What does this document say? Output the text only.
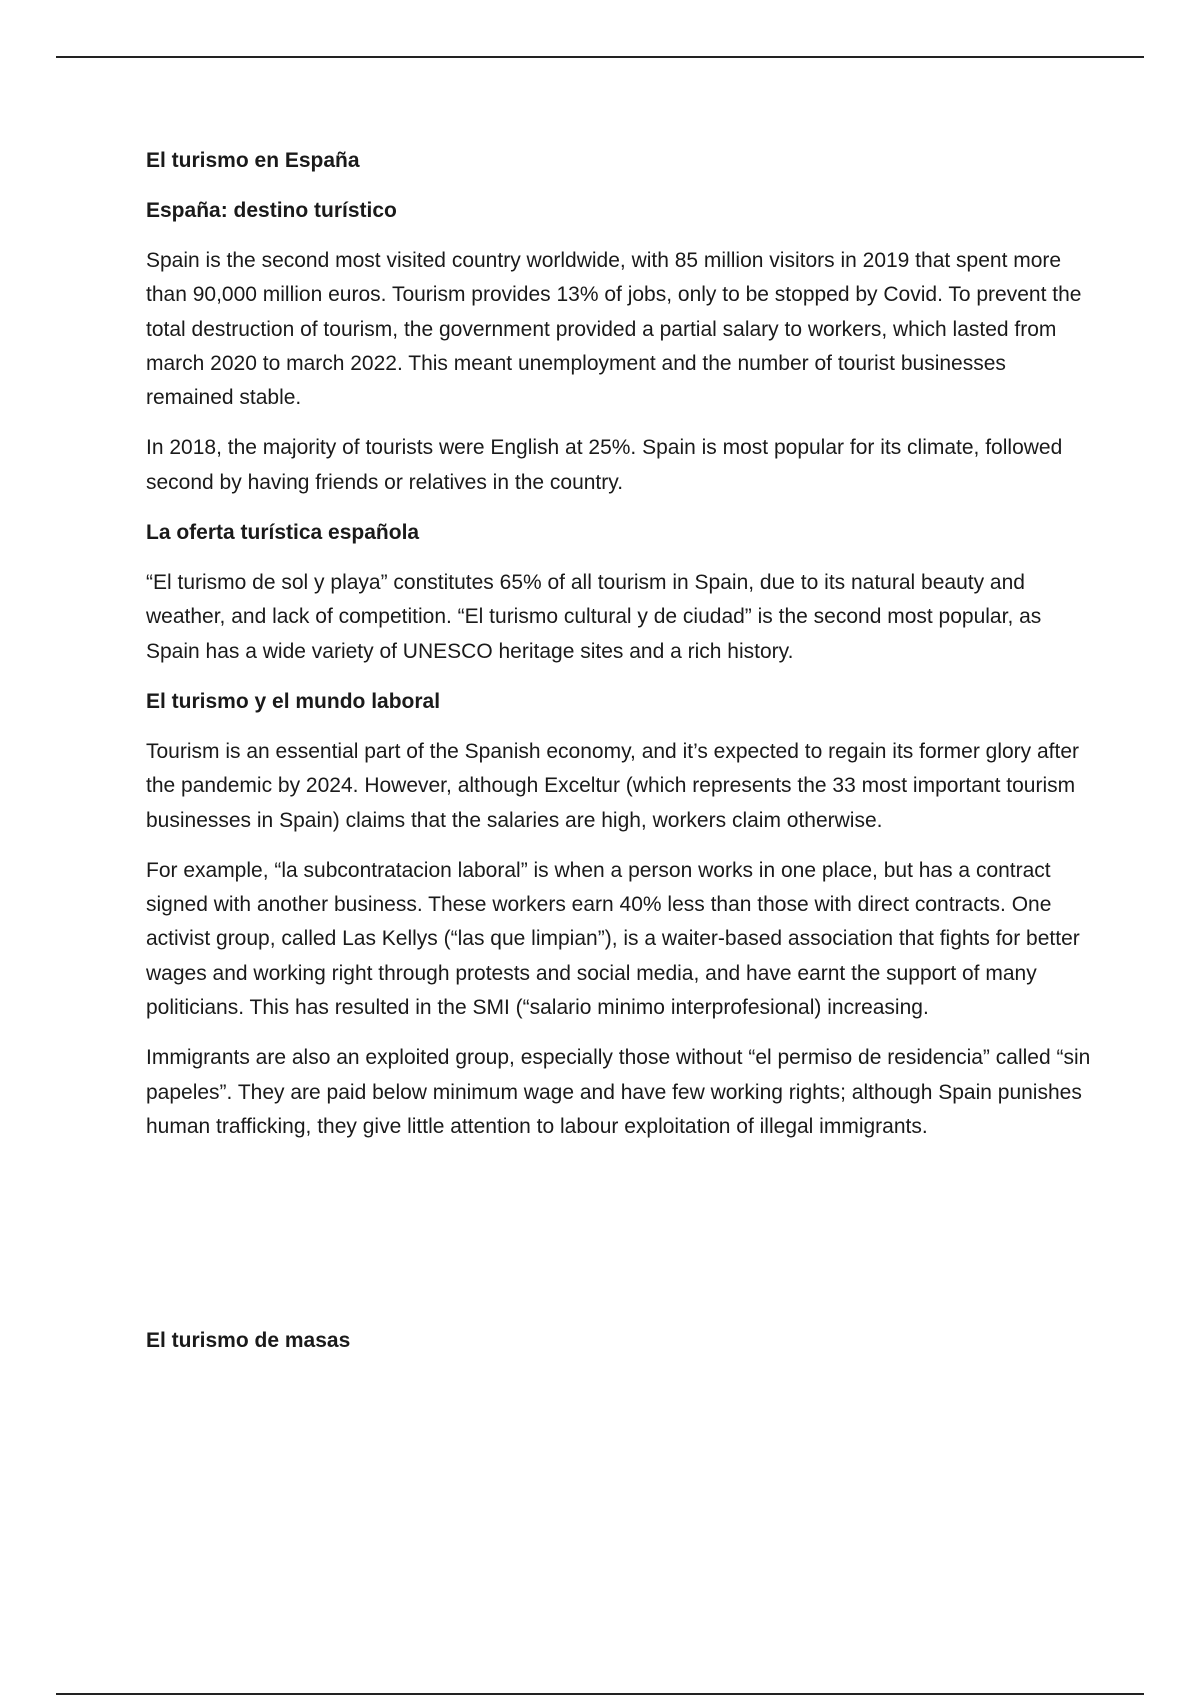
El turismo en España
España: destino turístico

Spain is the second most visited country worldwide, with 85 million visitors in 2019 that spent more than 90,000 million euros. Tourism provides 13% of jobs, only to be stopped by Covid. To prevent the total destruction of tourism, the government provided a partial salary to workers, which lasted from march 2020 to march 2022. This meant unemployment and the number of tourist businesses remained stable.

In 2018, the majority of tourists were English at 25%. Spain is most popular for its climate, followed second by having friends or relatives in the country.

La oferta turística española

“El turismo de sol y playa” constitutes 65% of all tourism in Spain, due to its natural beauty and weather, and lack of competition. “El turismo cultural y de ciudad” is the second most popular, as Spain has a wide variety of UNESCO heritage sites and a rich history.

El turismo y el mundo laboral

Tourism is an essential part of the Spanish economy, and it’s expected to regain its former glory after the pandemic by 2024. However, although Exceltur (which represents the 33 most important tourism businesses in Spain) claims that the salaries are high, workers claim otherwise.

For example, “la subcontratacion laboral” is when a person works in one place, but has a contract signed with another business. These workers earn 40% less than those with direct contracts. One activist group, called Las Kellys (“las que limpian”), is a waiter-based association that fights for better wages and working right through protests and social media, and have earnt the support of many politicians. This has resulted in the SMI (“salario minimo interprofesional) increasing.

Immigrants are also an exploited group, especially those without “el permiso de residencia” called “sin papeles”. They are paid below minimum wage and have few working rights; although Spain punishes human trafficking, they give little attention to labour exploitation of illegal immigrants.

El turismo de masas
